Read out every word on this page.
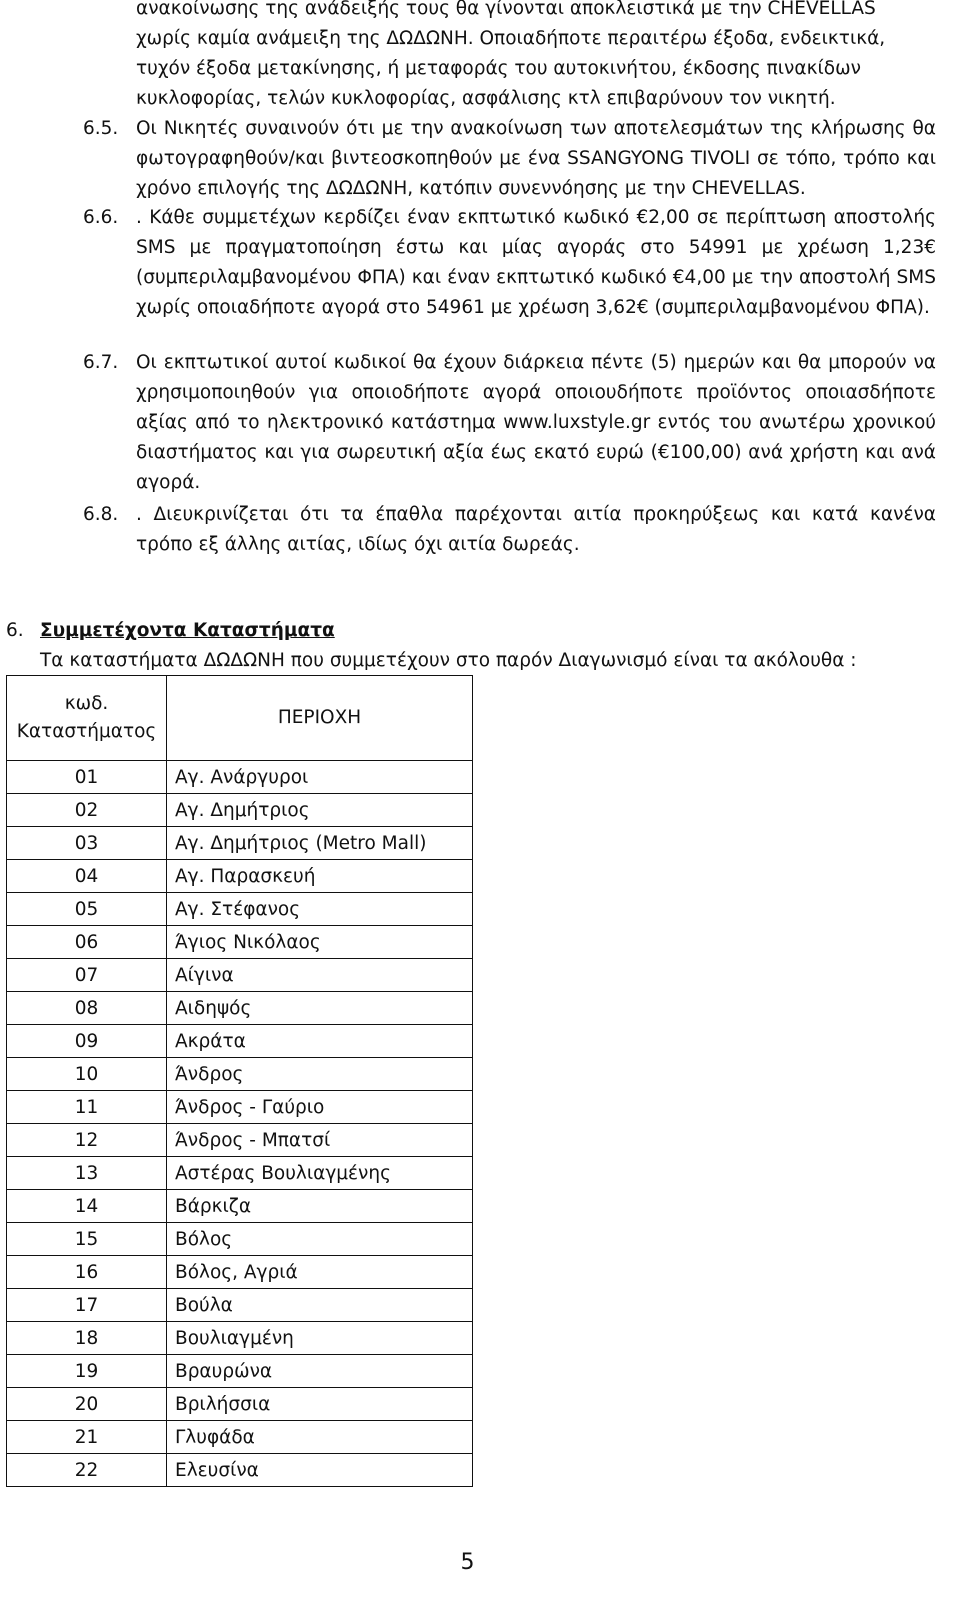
ανακοίνωσης της ανάδειξής τους θα γίνονται αποκλειστικά με την CHEVELLAS
χωρίς καμία ανάμειξη της ΔΩΔΩΝΗ. Οποιαδήποτε περαιτέρω έξοδα, ενδεικτικά,
τυχόν έξοδα μετακίνησης, ή μεταφοράς του αυτοκινήτου, έκδοσης πινακίδων
κυκλοφορίας, τελών κυκλοφορίας, ασφάλισης κτλ επιβαρύνουν τον νικητή.

6.5. Οι Νικητές συναινούν ότι με την ανακοίνωση των αποτελεσμάτων της κλήρωσης θα φωτογραφηθούν/και βιντεοσκοπηθούν με ένα SSANGYONG TIVOLI σε τόπο, τρόπο και χρόνο επιλογής της ΔΩΔΩΝΗ, κατόπιν συνεννόησης με την CHEVELLAS.
6.6. . Κάθε συμμετέχων κερδίζει έναν εκπτωτικό κωδικό €2,00 σε περίπτωση αποστολής SMS με πραγματοποίηση έστω και μίας αγοράς στο 54991 με χρέωση 1,23€ (συμπεριλαμβανομένου ΦΠΑ) και έναν εκπτωτικό κωδικό €4,00 με την αποστολή SMS χωρίς οποιαδήποτε αγορά στο 54961 με χρέωση 3,62€ (συμπεριλαμβανομένου ΦΠΑ).
6.7. Οι εκπτωτικοί αυτοί κωδικοί θα έχουν διάρκεια πέντε (5) ημερών και θα μπορούν να χρησιμοποιηθούν για οποιοδήποτε αγορά οποιουδήποτε προϊόντος οποιασδήποτε αξίας από το ηλεκτρονικό κατάστημα www.luxstyle.gr εντός του ανωτέρω χρονικού διαστήματος και για σωρευτική αξία έως εκατό ευρώ (€100,00) ανά χρήστη και ανά αγορά.
6.8. . Διευκρινίζεται ότι τα έπαθλα παρέχονται αιτία προκηρύξεως και κατά κανένα τρόπο εξ άλλης αιτίας, ιδίως όχι αιτία δωρεάς.

6. Συμμετέχοντα Καταστήματα

Τα καταστήματα ΔΩΔΩΝΗ που συμμετέχουν στο παρόν Διαγωνισμό είναι τα ακόλουθα :

κωδ.
Καταστήματος	ΠΕΡΙΟΧΗ
01	Αγ. Ανάργυροι
02	Αγ. Δημήτριος
03	Αγ. Δημήτριος (Metro Mall)
04	Αγ. Παρασκευή
05	Αγ. Στέφανος
06	Άγιος Νικόλαος
07	Αίγινα
08	Αιδηψός
09	Ακράτα
10	Άνδρος
11	Άνδρος - Γαύριο
12	Άνδρος - Μπατσί
13	Αστέρας Βουλιαγμένης
14	Βάρκιζα
15	Βόλος
16	Βόλος, Αγριά
17	Βούλα
18	Βουλιαγμένη
19	Βραυρώνα
20	Βριλήσσια
21	Γλυφάδα
22	Ελευσίνα
5
